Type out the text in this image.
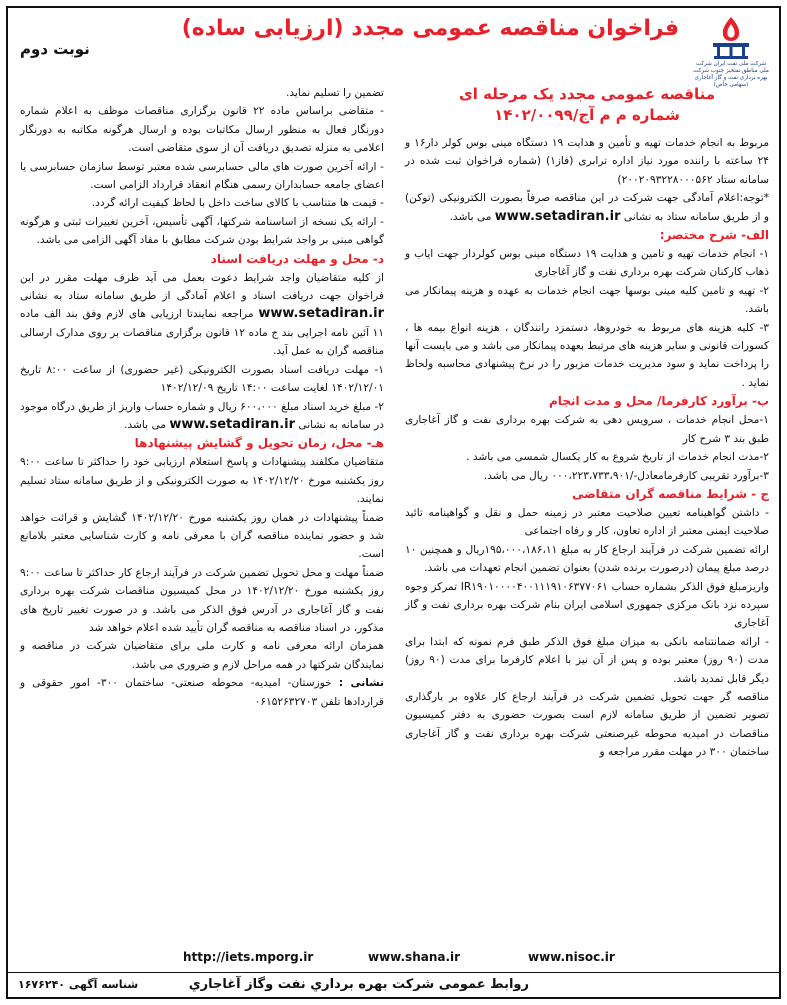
شرکت ملی نفت ایران شرکت ملی مناطق نفتخیز جنوب شرکت بهره برداری نفت و گاز آغاجاری (سهامی خاص)
فراخوان مناقصه عمومی مجدد (ارزیابی ساده)
نوبت دوم

مناقصه عمومی مجدد یک مرحله ای

شماره م م آج/۱۴۰۲/۰۰۹۹

مربوط به انجام خدمات تهیه و تأمین و هدایت ۱۹ دستگاه مینی بوس کولر دار۱۶ و ۲۴ ساعته با راننده مورد نیاز اداره ترابری (فاز۱) (شماره فراخوان ثبت شده در سامانه ستاد ۲۰۰۲۰۹۳۲۲۸۰۰۰۵۶۲)

*توجه:اعلام آمادگی جهت شرکت در این مناقصه صرفاً بصورت الکترونیکی (توکن) و از طریق سامانه ستاد به نشانی www.setadiran.ir می باشد.

الف- شرح مختصر:

۱- انجام خدمات تهیه و تامین و هدایت ۱۹ دستگاه مینی بوس کولردار جهت ایاب و ذهاب کارکنان شرکت بهره برداری نفت و گاز آغاجاری

۲- تهیه و تامین کلیه مینی بوسها جهت انجام خدمات به عهده و هزینه پیمانکار می باشد.

۳- کلیه هزینه های مربوط به خودروها، دستمزد رانندگان ، هزینه انواع بیمه ها ، کسورات قانونی و سایر هزینه های مرتبط بعهده پیمانکار می باشد و می بایست آنها را پرداخت نماید و سود مدیریت خدمات مزبور را در نرخ پیشنهادی محاسبه ولحاظ نماید .

ب- برآورد کارفرما/ محل و مدت انجام

۱-محل انجام خدمات ، سرویس دهی به شرکت بهره برداری نفت و گاز آغاجاری طبق بند ۳ شرح کار

۲-مدت انجام خدمات از تاریخ شروع به کار یکسال شمسی می باشد .

۳-برآورد تقریبی کارفرمامعادل-/۰۰۰،۲۲۳،۷۳۳،۹۰۱ ریال می باشد.

ج - شرایط مناقصه گران متقاضی

- داشتن گواهینامه تعیین صلاحیت معتبر در زمینه حمل و نقل و گواهینامه تائید صلاحیت ایمنی معتبر از اداره تعاون، کار و رفاه اجتماعی

ارائه تضمین شرکت در فرآیند ارجاع کار به مبلغ ۱۹۵،۰۰۰،۱۸۶،۱۱ریال و همچنین ۱۰ درصد مبلغ پیمان (درصورت برنده شدن) بعنوان تضمین انجام تعهدات می باشد.

واریزمبلغ فوق الذکر بشماره حساب IR۱۹۰۱۰۰۰۰۴۰۰۱۱۱۹۱۰۶۳۷۷۰۶۱ تمرکز وجوه سپرده نزد بانک مرکزی جمهوری اسلامی ایران بنام شرکت بهره برداری نفت و گاز آغاجاری

- ارائه ضمانتنامه بانکی به میزان مبلغ فوق الذکر طبق فرم نمونه که ابتدا برای مدت (۹۰ روز) معتبر بوده و پس از آن نیز با اعلام کارفرما برای مدت (۹۰ روز) دیگر قابل تمدید باشد.

مناقصه گر جهت تحویل تضمین شرکت در فرآیند ارجاع کار علاوه بر بارگذاری تصویر تضمین از طریق سامانه لازم است بصورت حضوری به دفتر کمیسیون مناقصات در امیدیه محوطه غیرصنعتی شرکت بهره برداری نفت و گاز آغاجاری ساختمان ۳۰۰ در مهلت مقرر مراجعه و

تضمین را تسلیم نماید.

- متقاضی براساس ماده ۲۲ قانون برگزاری مناقصات موظف به اعلام شماره دورنگار فعال به منظور ارسال مکاتبات بوده و ارسال هرگونه مکاتبه به دورنگار اعلامی به منزله تصدیق دریافت آن از سوی متقاضی است.

- ارائه آخرین صورت های مالی حسابرسی شده معتبر توسط سازمان حسابرسی یا اعضای جامعه حسابداران رسمی هنگام انعقاد قرارداد الزامی است.

- قیمت ها متناسب با کالای ساخت داخل با لحاظ کیفیت ارائه گردد.

- ارائه یک نسخه از اساسنامه شرکتها، آگهی تأسیس، آخرین تغییرات ثبتی و هرگونه گواهی مبنی بر واجد شرایط بودن شرکت مطابق با مفاد آگهی الزامی می باشد.

د- محل و مهلت دریافت اسناد

از کلیه متقاضیان واجد شرایط دعوت بعمل می آید ظرف مهلت مقرر در این فراخوان جهت دریافت اسناد و اعلام آمادگی از طریق سامانه ستاد به نشانی www.setadiran.ir مراجعه نمایندتا ارزیابی های لازم وفق بند الف ماده ۱۱ آئین نامه اجرایی بند ج ماده ۱۲ قانون برگزاری مناقصات بر روی مدارک ارسالی مناقصه گران به عمل آید.

۱- مهلت دریافت اسناد بصورت الکترونیکی (غیر حضوری) از ساعت ۸:۰۰ تاریخ ۱۴۰۲/۱۲/۰۱ لغایت ساعت ۱۴:۰۰ تاریخ ۱۴۰۲/۱۲/۰۹

۲- مبلغ خرید اسناد مبلغ ۶۰۰،۰۰۰ ریال و شماره حساب واریز از طریق درگاه موجود در سامانه به نشانی www.setadiran.ir می باشد.

هـ- محل، زمان تحویل و گشایش پیشنهادها

متقاضیان مکلفند پیشنهادات و پاسخ استعلام ارزیابی خود را حداکثر تا ساعت ۹:۰۰ روز یکشنبه مورخ ۱۴۰۲/۱۲/۲۰ به صورت الکترونیکی و از طریق سامانه ستاد تسلیم نمایند.

ضمناً پیشنهادات در همان روز یکشنبه مورخ ۱۴۰۲/۱۲/۲۰ گشایش و قرائت خواهد شد و حضور نماینده مناقصه گران با معرفی نامه و کارت شناسایی معتبر بلامانع است.

ضمناً مهلت و محل تحویل تضمین شرکت در فرآیند ارجاع کار حداکثر تا ساعت ۹:۰۰ روز یکشنبه مورخ ۱۴۰۲/۱۲/۲۰ در محل کمیسیون مناقصات شرکت بهره برداری نفت و گاز آغاجاری در آدرس فوق الذکر می باشد. و در صورت تغییر تاریخ های مذکور، در اسناد مناقصه به مناقصه گران تأیید شده اعلام خواهد شد

همزمان ارائه معرفی نامه و کارت ملی برای متقاضیان شرکت در مناقصه و نمایندگان شرکتها در همه مراحل لازم و ضروری می باشد.

نشانی : خوزستان- امیدیه- محوطه صنعتی- ساختمان ۳۰۰- امور حقوقی و قراردادها تلفن ۰۶۱۵۲۶۳۲۷۰۳

http://iets.mporg.ir	www.shana.ir	www.nisoc.ir
روابط عمومی شرکت بهره برداري نفت وگاز آغاجاري
شناسه آگهی ۱۶۷۶۲۴۰
